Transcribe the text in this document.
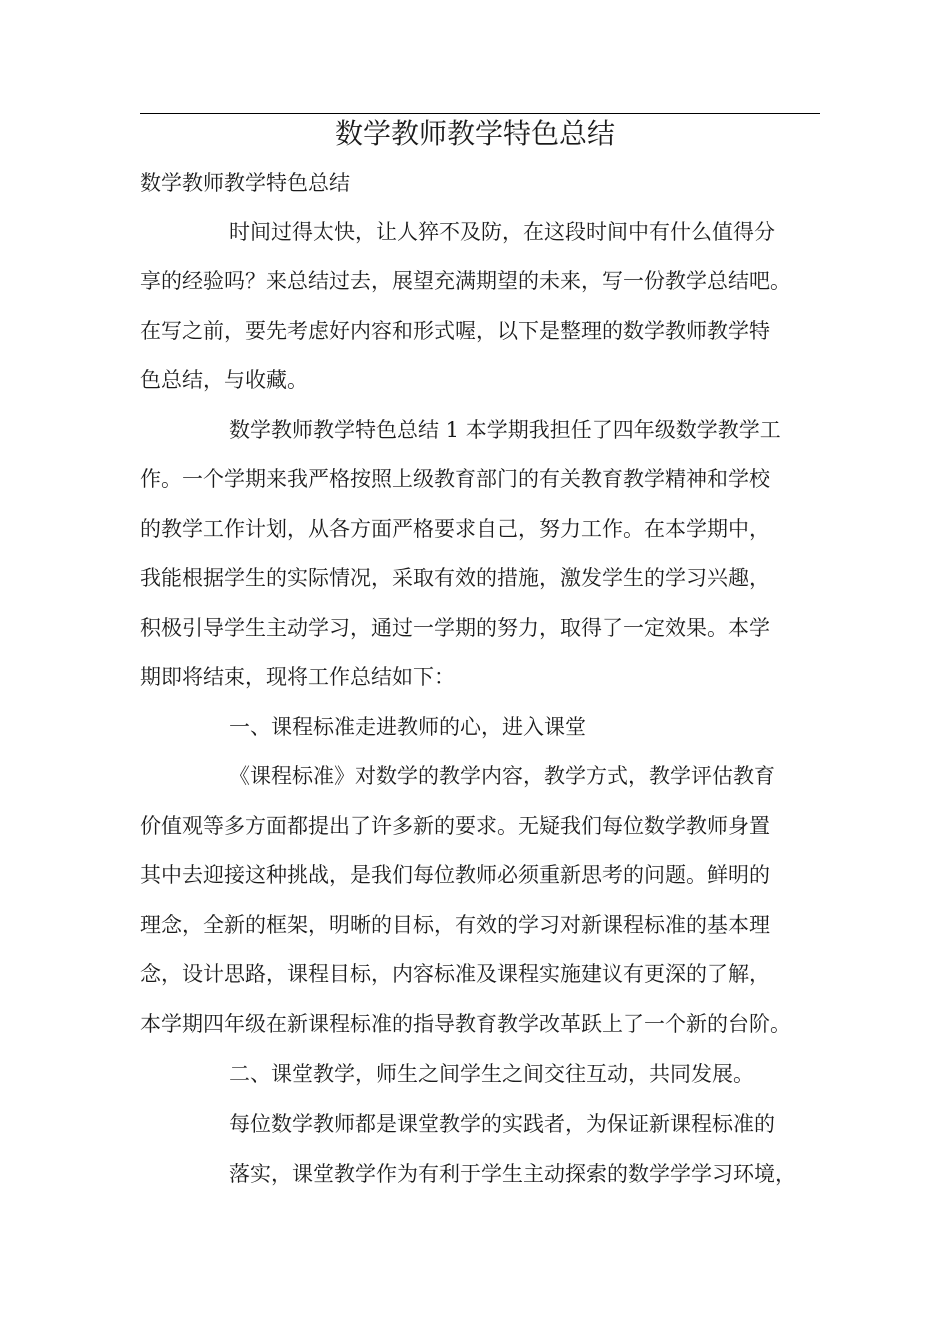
数学教师教学特色总结
数学教师教学特色总结
时间过得太快，让人猝不及防，在这段时间中有什么值得分
享的经验吗？来总结过去，展望充满期望的未来，写一份教学总结吧。
在写之前，要先考虑好内容和形式喔，以下是整理的数学教师教学特
色总结，与收藏。
数学教师教学特色总结 1 本学期我担任了四年级数学教学工
作。一个学期来我严格按照上级教育部门的有关教育教学精神和学校
的教学工作计划，从各方面严格要求自己，努力工作。在本学期中，
我能根据学生的实际情况，采取有效的措施，激发学生的学习兴趣，
积极引导学生主动学习，通过一学期的努力，取得了一定效果。本学
期即将结束，现将工作总结如下：
一、课程标准走进教师的心，进入课堂
《课程标准》对数学的教学内容，教学方式，教学评估教育
价值观等多方面都提出了许多新的要求。无疑我们每位数学教师身置
其中去迎接这种挑战，是我们每位教师必须重新思考的问题。鲜明的
理念，全新的框架，明晰的目标，有效的学习对新课程标准的基本理
念，设计思路，课程目标，内容标准及课程实施建议有更深的了解，
本学期四年级在新课程标准的指导教育教学改革跃上了一个新的台阶。
二、课堂教学，师生之间学生之间交往互动，共同发展。
每位数学教师都是课堂教学的实践者，为保证新课程标准的
落实，课堂教学作为有利于学生主动探索的数学学学习环境，
